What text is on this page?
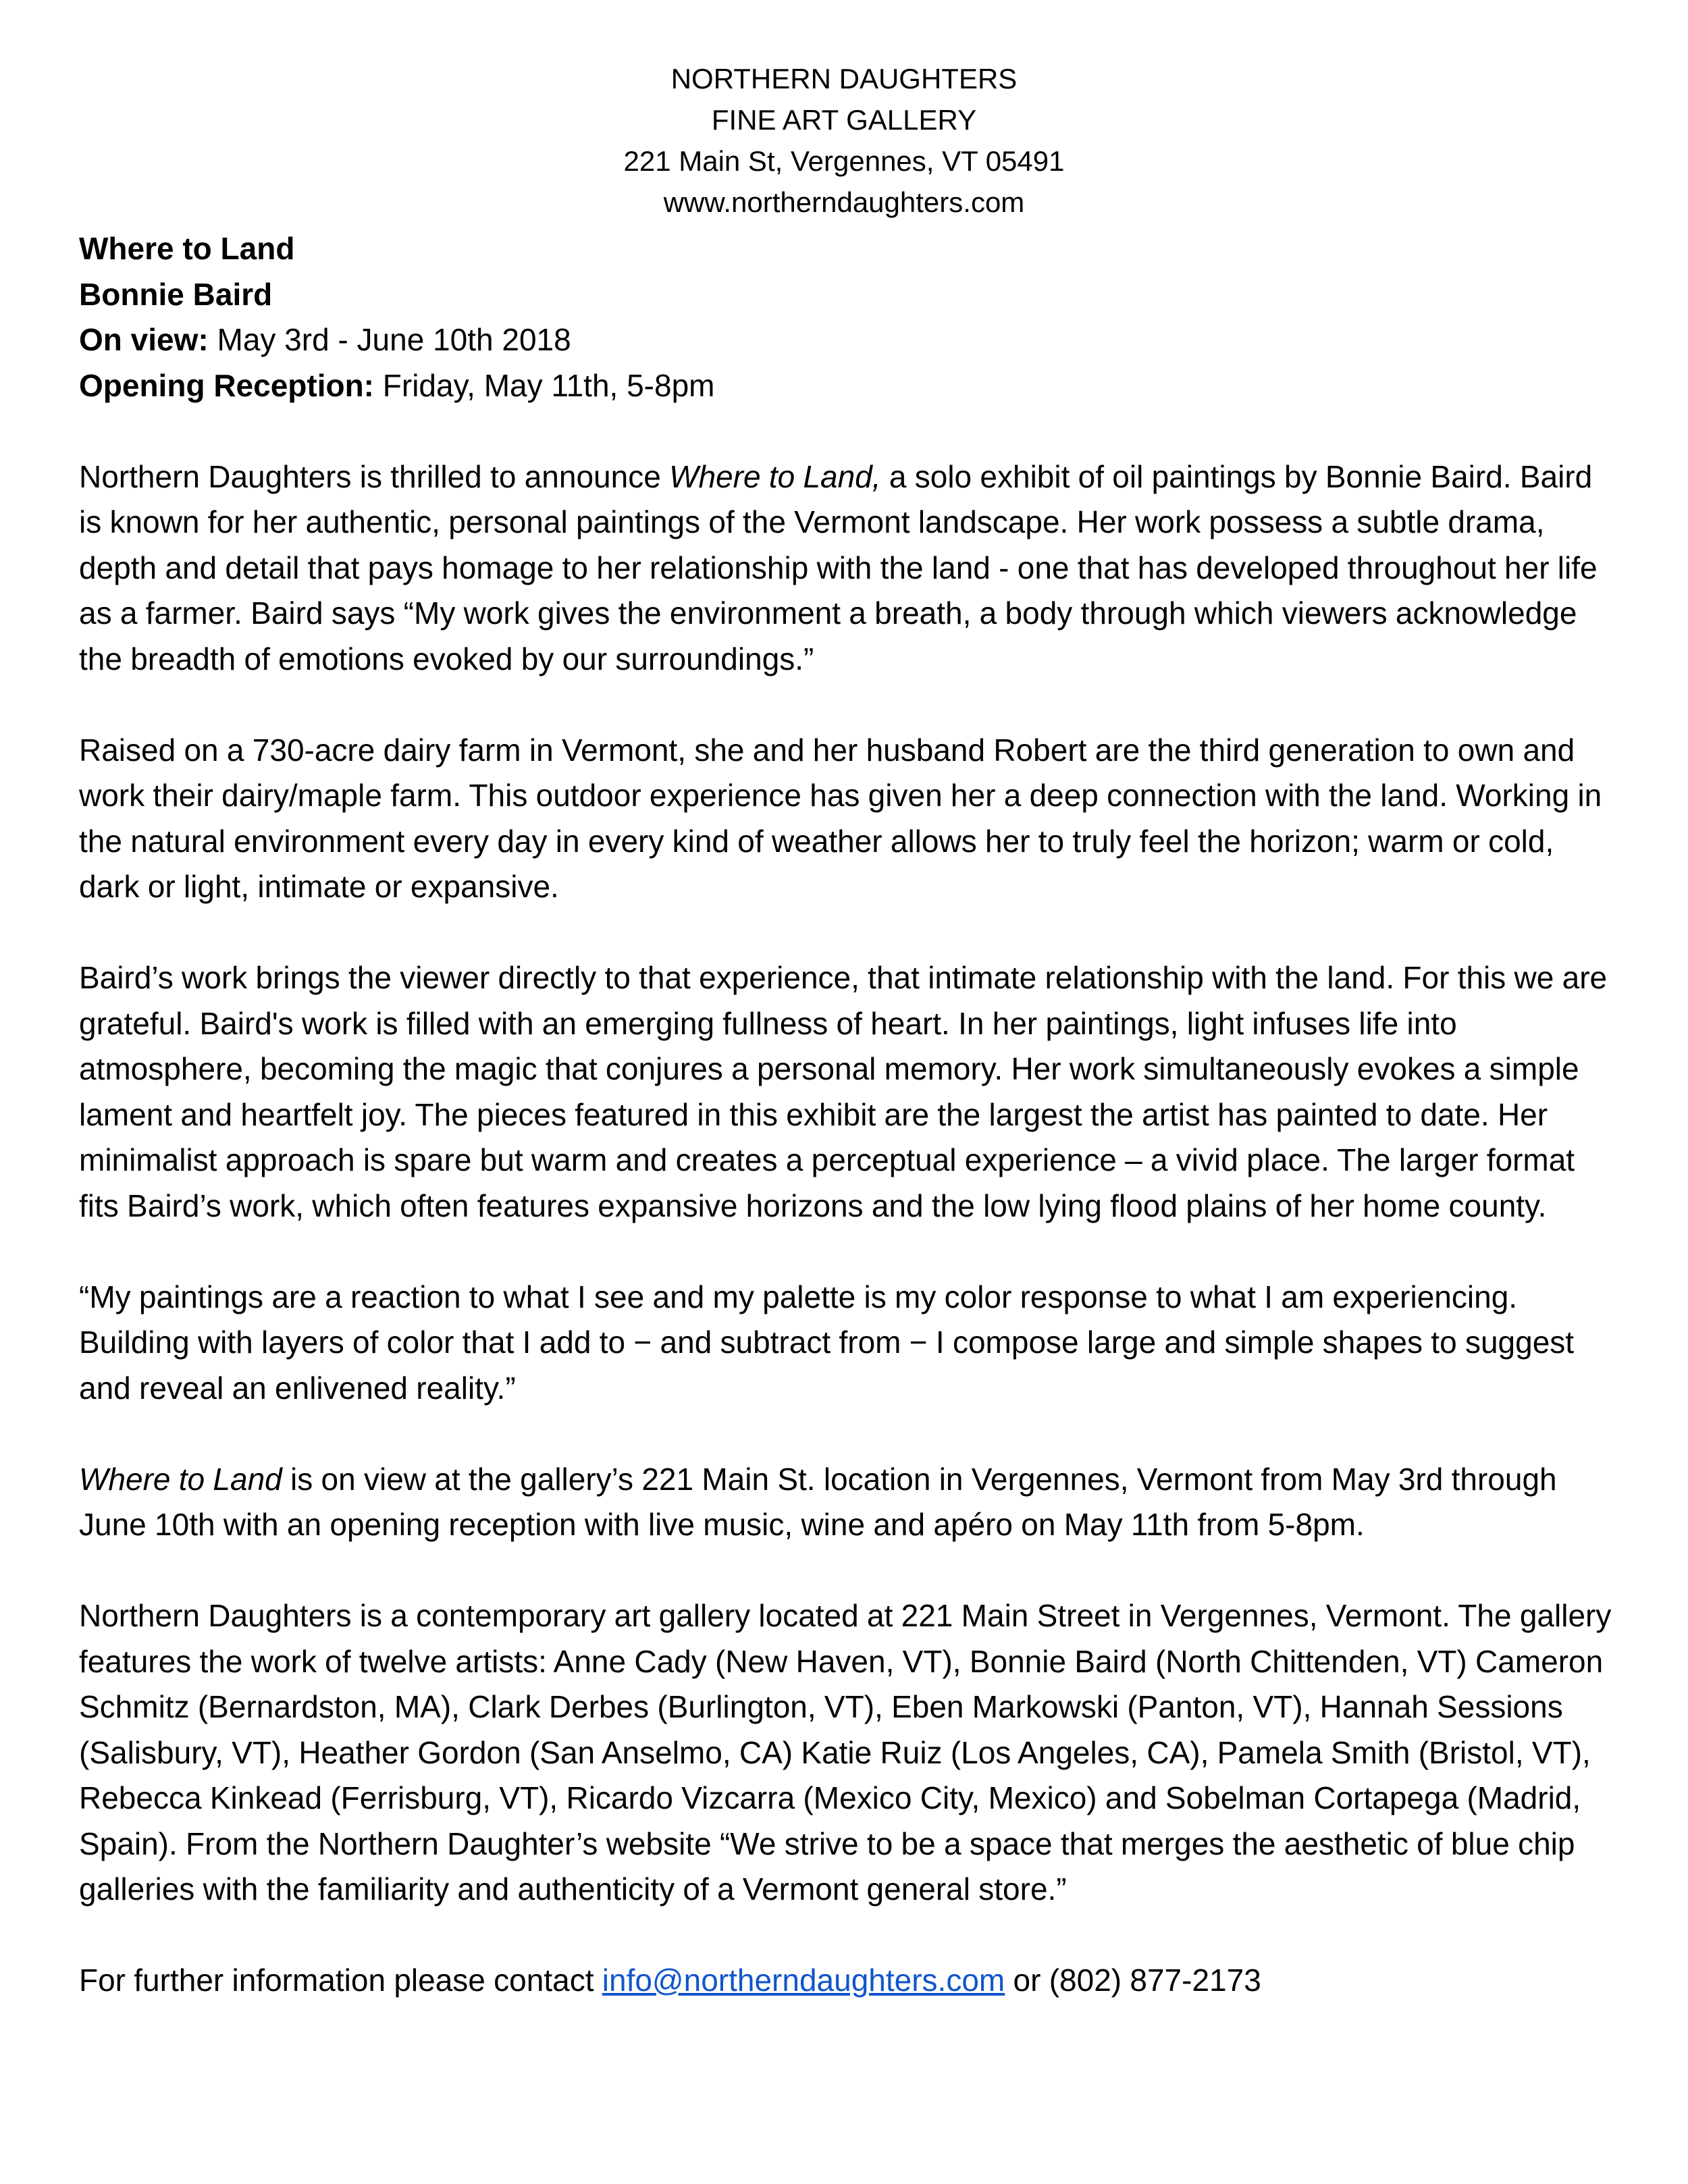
NORTHERN DAUGHTERS
FINE ART GALLERY
221 Main St, Vergennes, VT 05491
www.northerndaughters.com
Where to Land
Bonnie Baird
On view: May 3rd - June 10th 2018
Opening Reception: Friday, May 11th, 5-8pm

Northern Daughters is thrilled to announce Where to Land, a solo exhibit of oil paintings by Bonnie Baird. Baird is known for her authentic, personal paintings of the Vermont landscape. Her work possess a subtle drama, depth and detail that pays homage to her relationship with the land - one that has developed throughout her life as a farmer. Baird says “My work gives the environment a breath, a body through which viewers acknowledge the breadth of emotions evoked by our surroundings.”

Raised on a 730-acre dairy farm in Vermont, she and her husband Robert are the third generation to own and work their dairy/maple farm. This outdoor experience has given her a deep connection with the land. Working in the natural environment every day in every kind of weather allows her to truly feel the horizon; warm or cold, dark or light, intimate or expansive.

Baird’s work brings the viewer directly to that experience, that intimate relationship with the land. For this we are grateful. Baird's work is filled with an emerging fullness of heart. In her paintings, light infuses life into atmosphere, becoming the magic that conjures a personal memory. Her work simultaneously evokes a simple lament and heartfelt joy. The pieces featured in this exhibit are the largest the artist has painted to date. Her minimalist approach is spare but warm and creates a perceptual experience – a vivid place. The larger format fits Baird’s work, which often features expansive horizons and the low lying flood plains of her home county.

“My paintings are a reaction to what I see and my palette is my color response to what I am experiencing. Building with layers of color that I add to − and subtract from − I compose large and simple shapes to suggest and reveal an enlivened reality.”

Where to Land is on view at the gallery’s 221 Main St. location in Vergennes, Vermont from May 3rd through June 10th with an opening reception with live music, wine and apéro on May 11th from 5-8pm.

Northern Daughters is a contemporary art gallery located at 221 Main Street in Vergennes, Vermont. The gallery features the work of twelve artists: Anne Cady (New Haven, VT), Bonnie Baird (North Chittenden, VT) Cameron Schmitz (Bernardston, MA), Clark Derbes (Burlington, VT), Eben Markowski (Panton, VT), Hannah Sessions (Salisbury, VT), Heather Gordon (San Anselmo, CA) Katie Ruiz (Los Angeles, CA), Pamela Smith (Bristol, VT), Rebecca Kinkead (Ferrisburg, VT), Ricardo Vizcarra (Mexico City, Mexico) and Sobelman Cortapega (Madrid, Spain). From the Northern Daughter’s website “We strive to be a space that merges the aesthetic of blue chip galleries with the familiarity and authenticity of a Vermont general store.”

For further information please contact info@northerndaughters.com or (802) 877-2173
